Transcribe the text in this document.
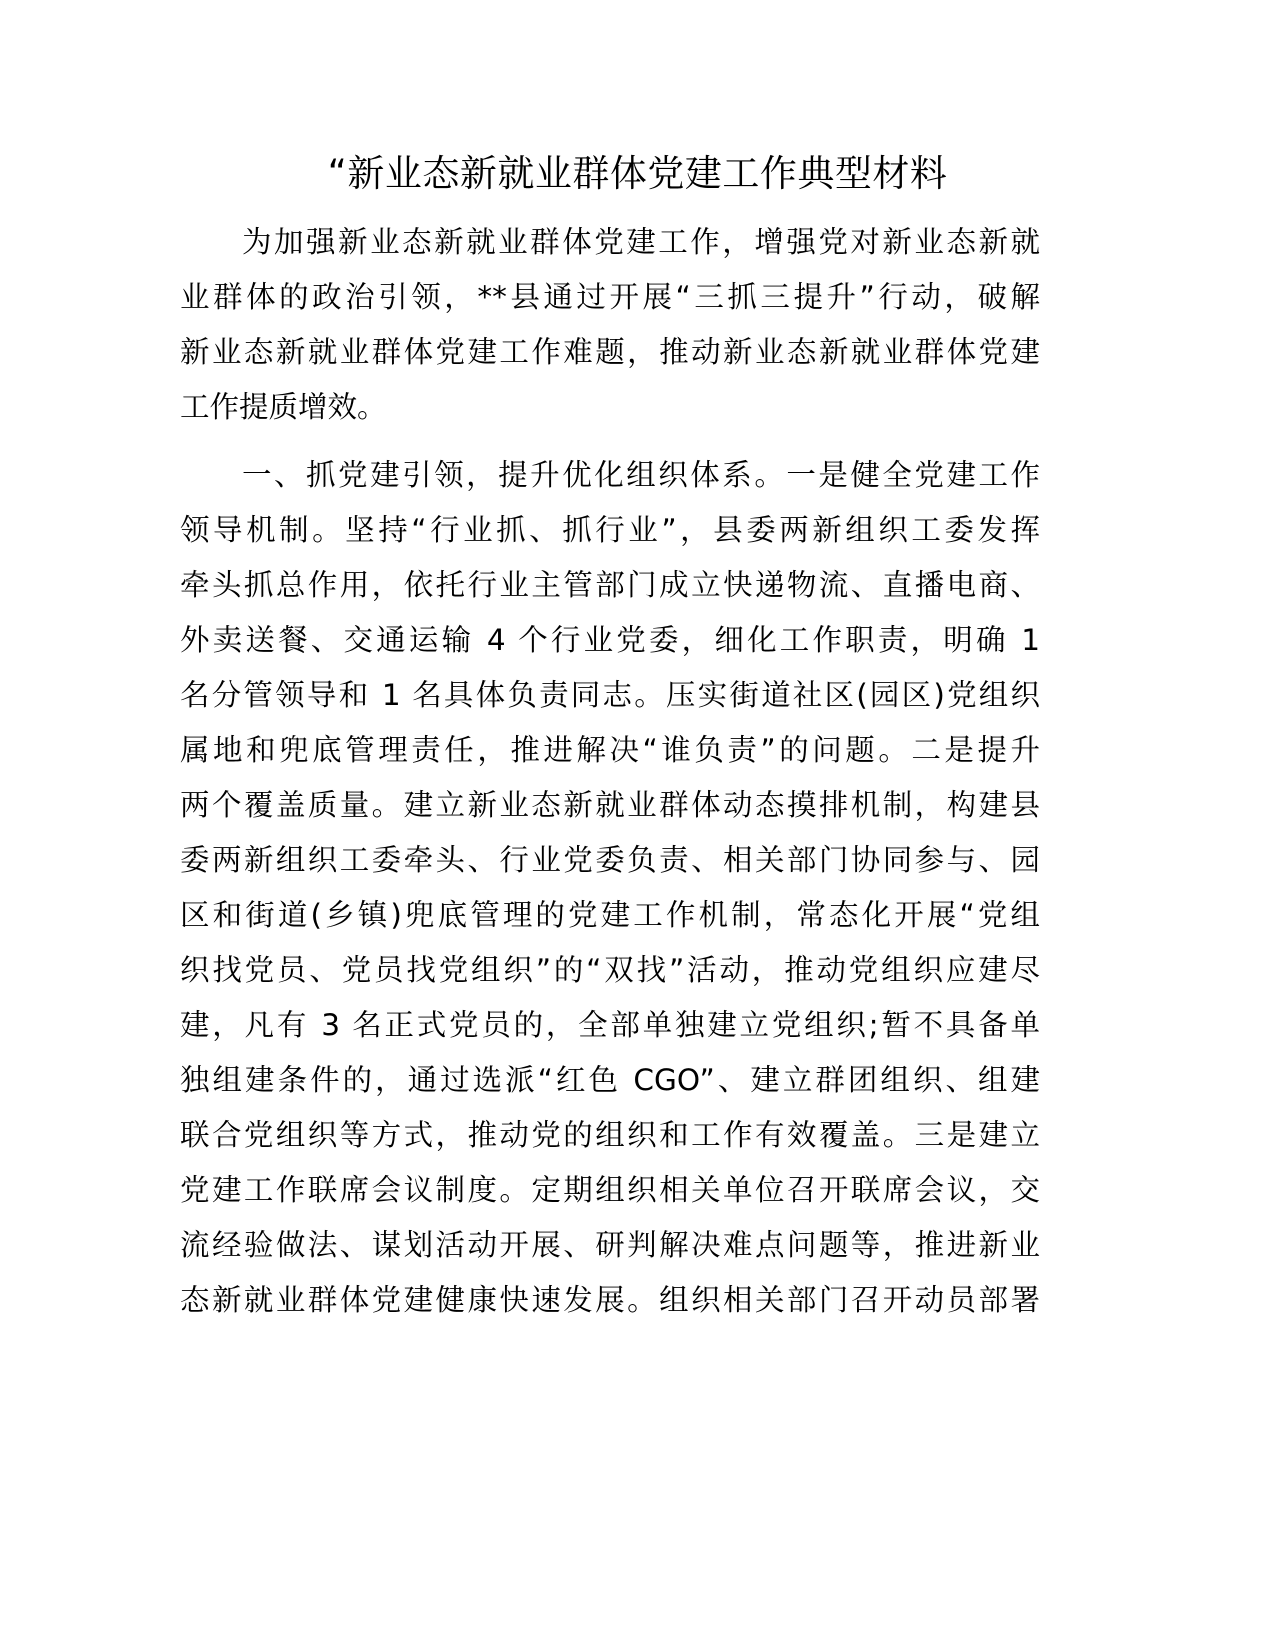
“新业态新就业群体党建工作典型材料
为加强新业态新就业群体党建工作，增强党对新业态新就
业群体的政治引领，**县通过开展“三抓三提升”行动，破解
新业态新就业群体党建工作难题，推动新业态新就业群体党建
工作提质增效。
一、抓党建引领，提升优化组织体系。一是健全党建工作
领导机制。坚持“行业抓、抓行业”，县委两新组织工委发挥
牵头抓总作用，依托行业主管部门成立快递物流、直播电商、
外卖送餐、交通运输 4 个行业党委，细化工作职责，明确 1
名分管领导和 1 名具体负责同志。压实街道社区(园区)党组织
属地和兜底管理责任，推进解决“谁负责”的问题。二是提升
两个覆盖质量。建立新业态新就业群体动态摸排机制，构建县
委两新组织工委牵头、行业党委负责、相关部门协同参与、园
区和街道(乡镇)兜底管理的党建工作机制，常态化开展“党组
织找党员、党员找党组织”的“双找”活动，推动党组织应建尽
建，凡有 3 名正式党员的，全部单独建立党组织;暂不具备单
独组建条件的，通过选派“红色 CGO”、建立群团组织、组建
联合党组织等方式，推动党的组织和工作有效覆盖。三是建立
党建工作联席会议制度。定期组织相关单位召开联席会议，交
流经验做法、谋划活动开展、研判解决难点问题等，推进新业
态新就业群体党建健康快速发展。组织相关部门召开动员部署
